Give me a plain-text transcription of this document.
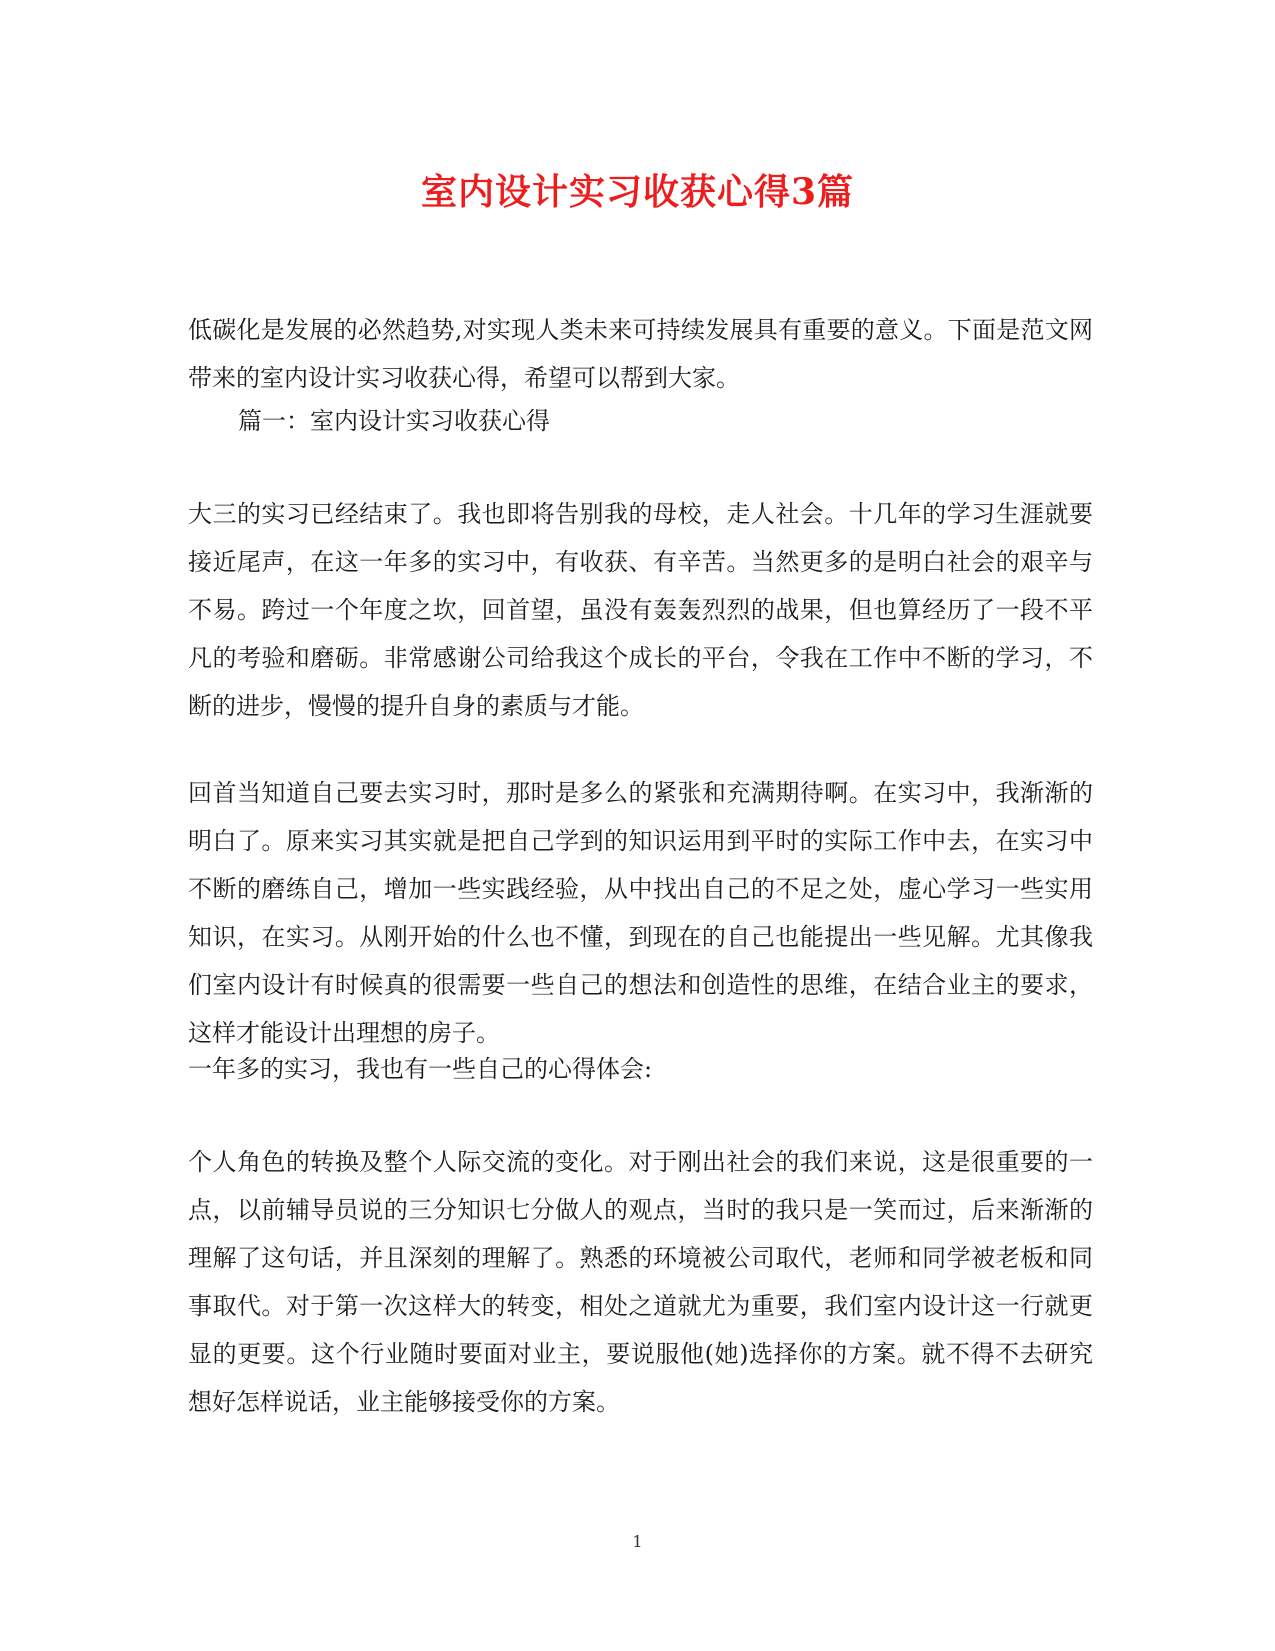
室内设计实习收获心得3篇

低碳化是发展的必然趋势,对实现人类未来可持续发展具有重要的意义。下面是范文网带来的室内设计实习收获心得，希望可以帮到大家。

篇一：室内设计实习收获心得

大三的实习已经结束了。我也即将告别我的母校，走人社会。十几年的学习生涯就要接近尾声，在这一年多的实习中，有收获、有辛苦。当然更多的是明白社会的艰辛与不易。跨过一个年度之坎，回首望，虽没有轰轰烈烈的战果，但也算经历了一段不平凡的考验和磨砺。非常感谢公司给我这个成长的平台，令我在工作中不断的学习，不断的进步，慢慢的提升自身的素质与才能。

回首当知道自己要去实习时，那时是多么的紧张和充满期待啊。在实习中，我渐渐的明白了。原来实习其实就是把自己学到的知识运用到平时的实际工作中去，在实习中不断的磨练自己，增加一些实践经验，从中找出自己的不足之处，虚心学习一些实用知识，在实习。从刚开始的什么也不懂，到现在的自己也能提出一些见解。尤其像我们室内设计有时候真的很需要一些自己的想法和创造性的思维，在结合业主的要求，这样才能设计出理想的房子。

一年多的实习，我也有一些自己的心得体会:

个人角色的转换及整个人际交流的变化。对于刚出社会的我们来说，这是很重要的一点，以前辅导员说的三分知识七分做人的观点，当时的我只是一笑而过，后来渐渐的理解了这句话，并且深刻的理解了。熟悉的环境被公司取代，老师和同学被老板和同事取代。对于第一次这样大的转变，相处之道就尤为重要，我们室内设计这一行就更显的更要。这个行业随时要面对业主，要说服他(她)选择你的方案。就不得不去研究想好怎样说话，业主能够接受你的方案。

1
